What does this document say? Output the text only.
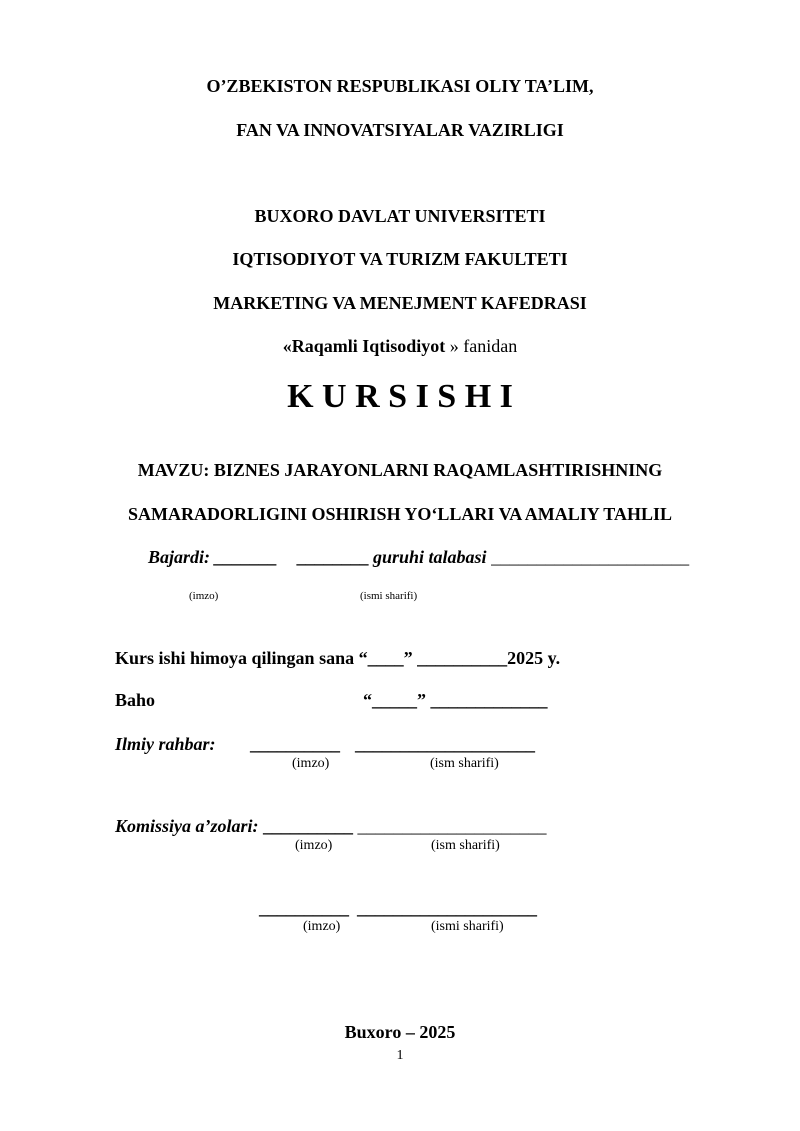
O’ZBEKISTON RESPUBLIKASI OLIY TA’LIM,
FAN VA INNOVATSIYALAR VAZIRLIGI
BUXORO DAVLAT UNIVERSITETI
IQTISODIYOT VA TURIZM FAKULTETI
MARKETING VA MENEJMENT KAFEDRASI
«Raqamli Iqtisodiyot » fanidan
K U R S I S H I
MAVZU: BIZNES JARAYONLARNI RAQAMLASHTIRISHNING
SAMARADORLIGINI OSHIRISH YO‘LLARI VA AMALIY TAHLIL
Bajardi: _______ ________ guruhi talabasi ______________________
(imzo)	(ismi sharifi)
Kurs ishi himoya qilingan sana “____” __________2025 y.
Baho	“_____” _____________
Ilmiy rahbar: __________ ____________________
(imzo)	(ism sharifi)
Komissiya a’zolari: __________ _____________________
(imzo)	(ism sharifi)
__________ ____________________
(imzo)	(ismi sharifi)
Buxoro – 2025
1
